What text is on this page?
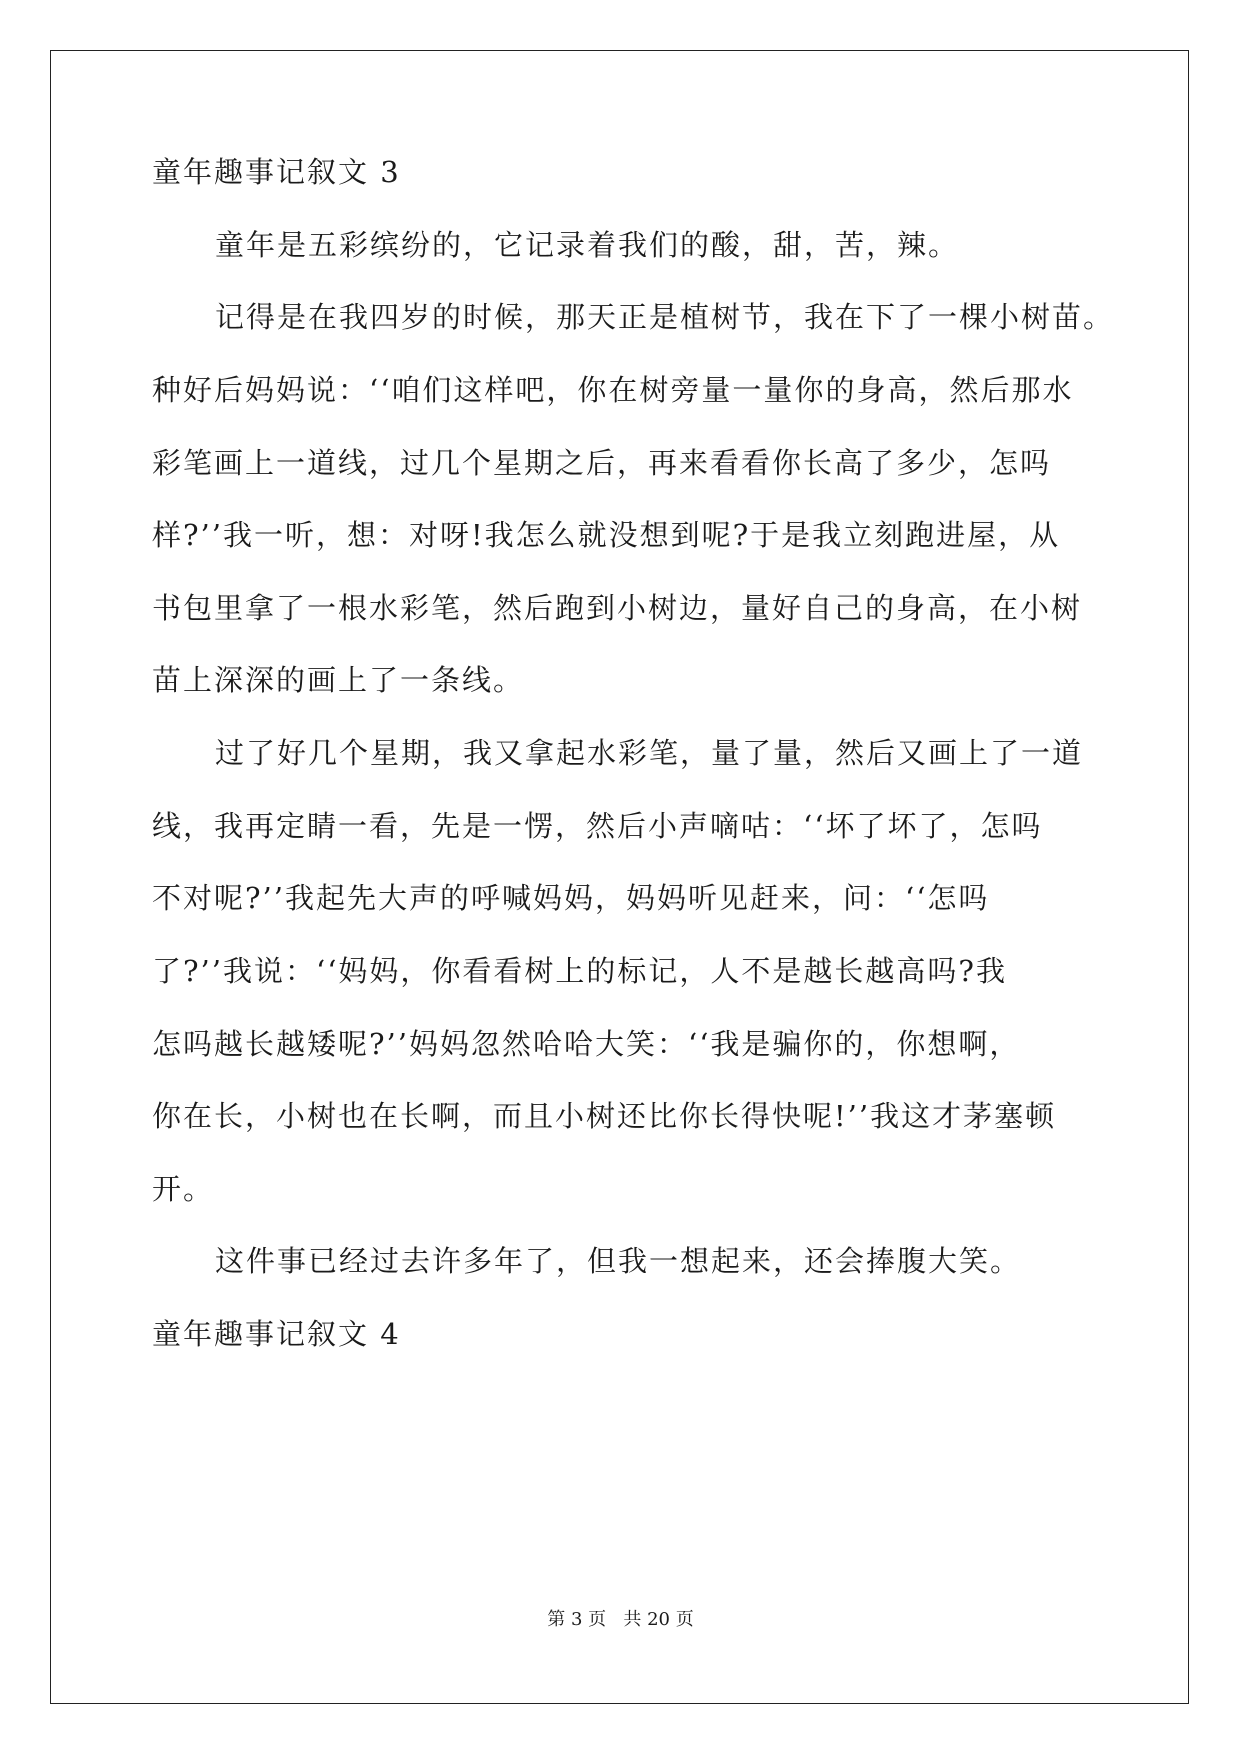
童年趣事记叙文 3
童年是五彩缤纷的，它记录着我们的酸，甜，苦，辣。
记得是在我四岁的时候，那天正是植树节，我在下了一棵小树苗。
种好后妈妈说：‘‘咱们这样吧，你在树旁量一量你的身高，然后那水
彩笔画上一道线，过几个星期之后，再来看看你长高了多少，怎吗
样?’’我一听，想：对呀!我怎么就没想到呢?于是我立刻跑进屋，从
书包里拿了一根水彩笔，然后跑到小树边，量好自己的身高，在小树
苗上深深的画上了一条线。
过了好几个星期，我又拿起水彩笔，量了量，然后又画上了一道
线，我再定睛一看，先是一愣，然后小声嘀咕：‘‘坏了坏了，怎吗
不对呢?’’我起先大声的呼喊妈妈，妈妈听见赶来，问：‘‘怎吗
了?’’我说：‘‘妈妈，你看看树上的标记，人不是越长越高吗?我
怎吗越长越矮呢?’’妈妈忽然哈哈大笑：‘‘我是骗你的，你想啊，
你在长，小树也在长啊，而且小树还比你长得快呢!’’我这才茅塞顿
开。
这件事已经过去许多年了，但我一想起来，还会捧腹大笑。
童年趣事记叙文 4
第 3 页   共 20 页
